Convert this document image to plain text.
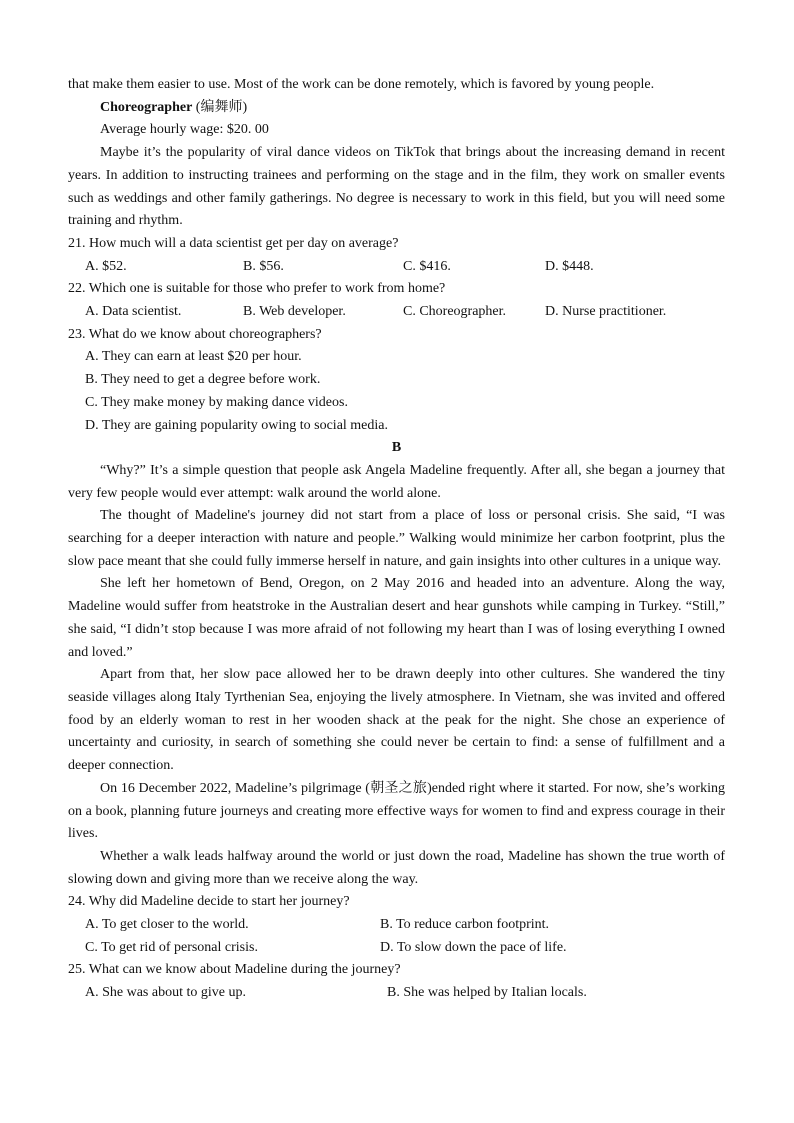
that make them easier to use. Most of the work can be done remotely, which is favored by young people.

Choreographer (编舞师)
Average hourly wage: $20. 00

Maybe it’s the popularity of viral dance videos on TikTok that brings about the increasing demand in recent years. In addition to instructing trainees and performing on the stage and in the film, they work on smaller events such as weddings and other family gatherings. No degree is necessary to work in this field, but you will need some training and rhythm.

21. How much will a data scientist get per day on average?
A. $52.	B. $56.	C. $416.	D. $448.
22. Which one is suitable for those who prefer to work from home?
A. Data scientist.	B. Web developer.	C. Choreographer.	D. Nurse practitioner.
23. What do we know about choreographers?
A. They can earn at least $20 per hour.
B. They need to get a degree before work.
C. They make money by making dance videos.
D. They are gaining popularity owing to social media.
B

“Why?” It’s a simple question that people ask Angela Madeline frequently. After all, she began a journey that very few people would ever attempt: walk around the world alone.

The thought of Madeline's journey did not start from a place of loss or personal crisis. She said, “I was searching for a deeper interaction with nature and people.” Walking would minimize her carbon footprint, plus the slow pace meant that she could fully immerse herself in nature, and gain insights into other cultures in a unique way.

She left her hometown of Bend, Oregon, on 2 May 2016 and headed into an adventure. Along the way, Madeline would suffer from heatstroke in the Australian desert and hear gunshots while camping in Turkey. “Still,” she said, “I didn’t stop because I was more afraid of not following my heart than I was of losing everything I owned and loved.”

Apart from that, her slow pace allowed her to be drawn deeply into other cultures. She wandered the tiny seaside villages along Italy Tyrthenian Sea, enjoying the lively atmosphere. In Vietnam, she was invited and offered food by an elderly woman to rest in her wooden shack at the peak for the night. She chose an experience of uncertainty and curiosity, in search of something she could never be certain to find: a sense of fulfillment and a deeper connection.

On 16 December 2022, Madeline’s pilgrimage (朝圣之旅)ended right where it started. For now, she’s working on a book, planning future journeys and creating more effective ways for women to find and express courage in their lives.

Whether a walk leads halfway around the world or just down the road, Madeline has shown the true worth of slowing down and giving more than we receive along the way.

24. Why did Madeline decide to start her journey?
A. To get closer to the world.	B. To reduce carbon footprint.
C. To get rid of personal crisis.	D. To slow down the pace of life.
25. What can we know about Madeline during the journey?
A. She was about to give up.	B. She was helped by Italian locals.
